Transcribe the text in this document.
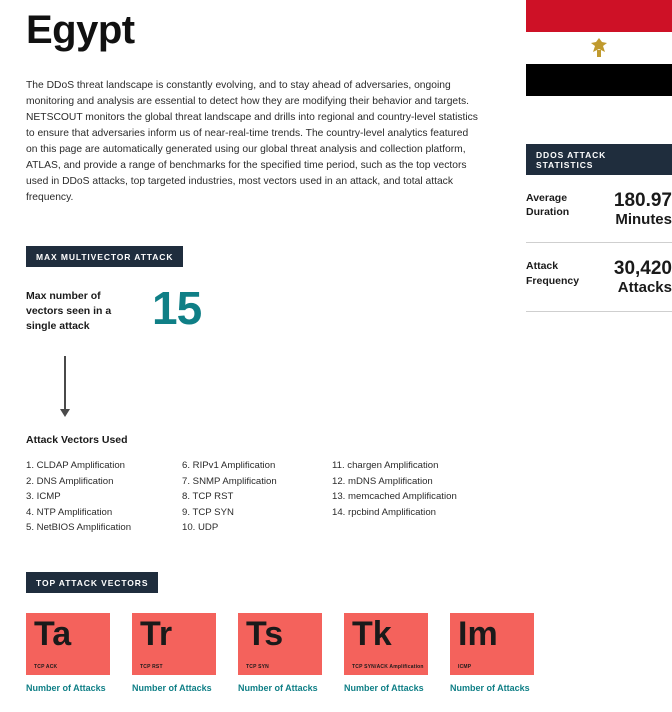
Egypt

The DDoS threat landscape is constantly evolving, and to stay ahead of adversaries, ongoing monitoring and analysis are essential to detect how they are modifying their behavior and targets. NETSCOUT monitors the global threat landscape and drills into regional and country-level statistics to ensure that adversaries inform us of near-real-time trends. The country-level analytics featured on this page are automatically generated using our global threat analysis and collection platform, ATLAS, and provide a range of benchmarks for the specified time period, such as the top vectors used in DDoS attacks, top targeted industries, most vectors used in an attack, and total attack frequency.

MAX MULTIVECTOR ATTACK
Max number of vectors seen in a single attack	15
Attack Vectors Used
1. CLDAP Amplification
2. DNS Amplification
3. ICMP
4. NTP Amplification
5. NetBIOS Amplification
6. RIPv1 Amplification
7. SNMP Amplification
8. TCP RST
9. TCP SYN
10. UDP
11. chargen Amplification
12. mDNS Amplification
13. memcached Amplification
14. rpcbind Amplification
TOP ATTACK VECTORS
Ta
TCP ACK
Number of Attacks
Tr
TCP RST
Number of Attacks
Ts
TCP SYN
Number of Attacks
Tk
TCP SYN/ACK Amplification
Number of Attacks
Im
ICMP
Number of Attacks
DDOS ATTACK STATISTICS
Average Duration
180.97
Minutes
Attack Frequency
30,420
Attacks
